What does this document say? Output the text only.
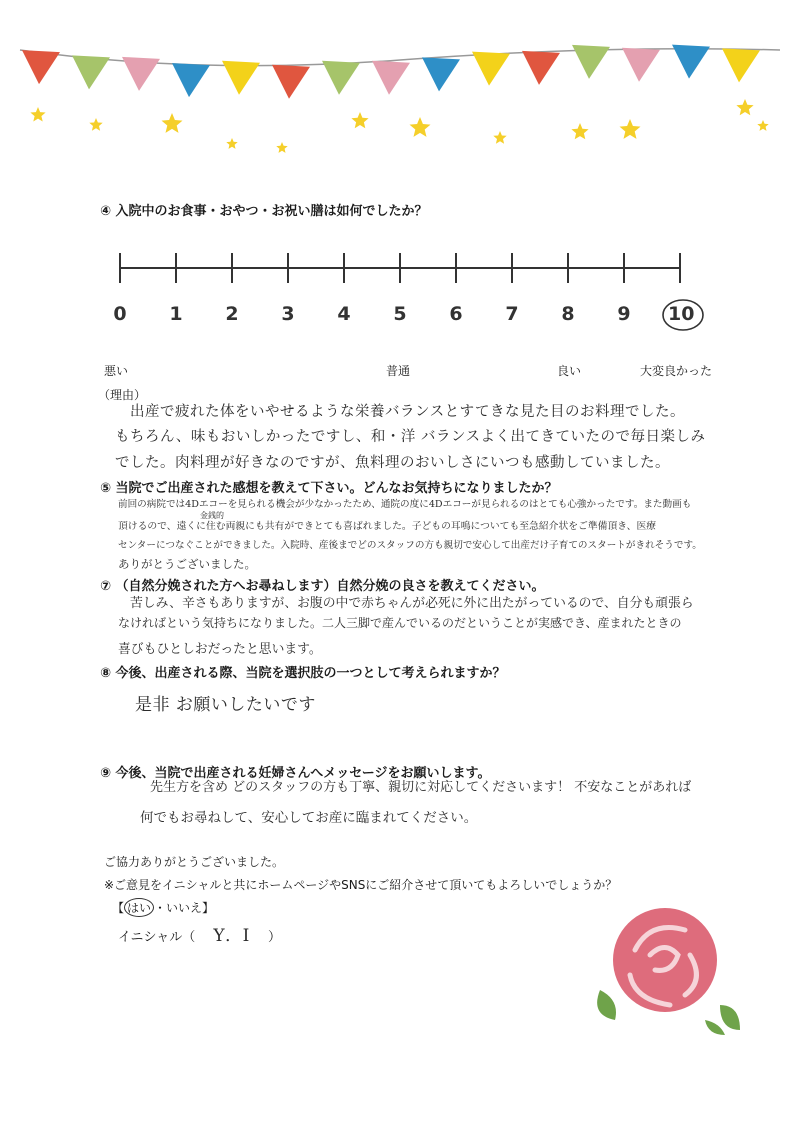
④ 入院中のお食事・おやつ・お祝い膳は如何でしたか？
0 1 2 3 4 5 6 7 8 9 10
悪い	普通	良い	大変良かった
（理由）
出産で疲れた体をいやせるような栄養バランスとすてきな見た目のお料理でした。
もちろん、味もおいしかったですし、和・洋 バランスよく出てきていたので毎日楽しみ
でした。肉料理が好きなのですが、魚料理のおいしさにいつも感動していました。
⑤ 当院でご出産された感想を教えて下さい。どんなお気持ちになりましたか？
金銭的
前回の病院では4Dエコーを見られる機会が少なかったため、通院の度に4Dエコーが見られるのはとても心強かったです。また動画も
頂けるので、遠くに住む両親にも共有ができとても喜ばれました。子どもの耳鳴についても至急紹介状をご準備頂き、医療
センターにつなぐことができました。入院時、産後までどのスタッフの方も親切で安心して出産だけ子育てのスタートがきれそうです。
ありがとうございました。
⑦ （自然分娩された方へお尋ねします）自然分娩の良さを教えてください。
苦しみ、辛さもありますが、お腹の中で赤ちゃんが必死に外に出たがっているので、自分も頑張ら
なければという気持ちになりました。二人三脚で産んでいるのだということが実感でき、産まれたときの
喜びもひとしおだったと思います。
⑧ 今後、出産される際、当院を選択肢の一つとして考えられますか？
是非 お願いしたいです
⑨ 今後、当院で出産される妊婦さんへメッセージをお願いします。
先生方を含め どのスタッフの方も丁寧、親切に対応してくださいます！ 不安なことがあれば
何でもお尋ねして、安心してお産に臨まれてください。
ご協力ありがとうございました。
※ご意見をイニシャルと共にホームページやSNSにご紹介させて頂いてもよろしいでしょうか？
【 はい ・いいえ】
イニシャル（ Y．I ）
